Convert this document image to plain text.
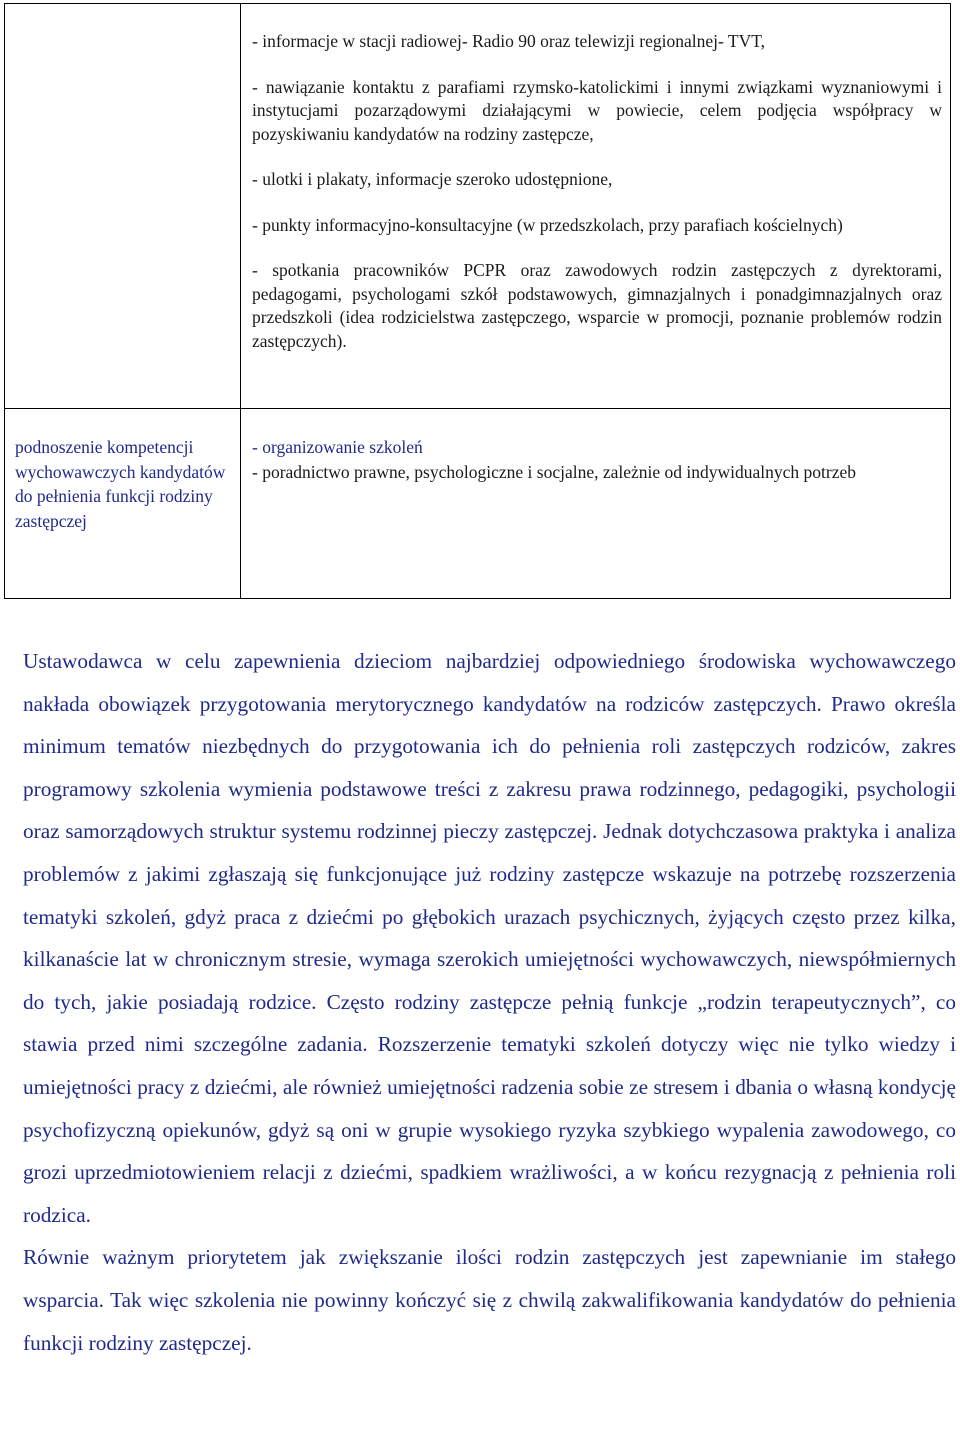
	- informacje w stacji radiowej- Radio 90 oraz telewizji regionalnej- TVT,

- nawiązanie kontaktu z parafiami rzymsko-katolickimi i innymi związkami wyznaniowymi i instytucjami pozarządowymi działającymi w powiecie, celem podjęcia współpracy w pozyskiwaniu kandydatów na rodziny zastępcze,

- ulotki i plakaty, informacje szeroko udostępnione,

- punkty informacyjno-konsultacyjne (w przedszkolach, przy parafiach kościelnych)

- spotkania pracowników PCPR oraz zawodowych rodzin zastępczych z dyrektorami, pedagogami, psychologami szkół podstawowych, gimnazjalnych i ponadgimnazjalnych oraz przedszkoli (idea rodzicielstwa zastępczego, wsparcie w promocji, poznanie problemów rodzin zastępczych).

podnoszenie kompetencji wychowawczych kandydatów do pełnienia funkcji rodziny zastępczej	- organizowanie szkoleń
- poradnictwo prawne, psychologiczne i socjalne, zależnie od indywidualnych potrzeb

Ustawodawca w celu zapewnienia dzieciom najbardziej odpowiedniego środowiska wychowawczego nakłada obowiązek przygotowania merytorycznego kandydatów na rodziców zastępczych. Prawo określa minimum tematów niezbędnych do przygotowania ich do pełnienia roli zastępczych rodziców, zakres programowy szkolenia wymienia podstawowe treści z zakresu prawa rodzinnego, pedagogiki, psychologii oraz samorządowych struktur systemu rodzinnej pieczy zastępczej. Jednak dotychczasowa praktyka i analiza problemów z jakimi zgłaszają się funkcjonujące już rodziny zastępcze wskazuje na potrzebę rozszerzenia tematyki szkoleń, gdyż praca z dziećmi po głębokich urazach psychicznych, żyjących często przez kilka, kilkanaście lat w chronicznym stresie, wymaga szerokich umiejętności wychowawczych, niewspółmiernych do tych, jakie posiadają rodzice. Często rodziny zastępcze pełnią funkcje „rodzin terapeutycznych”, co stawia przed nimi szczególne zadania. Rozszerzenie tematyki szkoleń dotyczy więc nie tylko wiedzy i umiejętności pracy z dziećmi, ale również umiejętności radzenia sobie ze stresem i dbania o własną kondycję psychofizyczną opiekunów, gdyż są oni w grupie wysokiego ryzyka szybkiego wypalenia zawodowego, co grozi uprzedmiotowieniem relacji z dziećmi, spadkiem wrażliwości, a w końcu rezygnacją z pełnienia roli rodzica.

Równie ważnym priorytetem jak zwiększanie ilości rodzin zastępczych jest zapewnianie im stałego wsparcia. Tak więc szkolenia nie powinny kończyć się z chwilą zakwalifikowania kandydatów do pełnienia funkcji rodziny zastępczej.
